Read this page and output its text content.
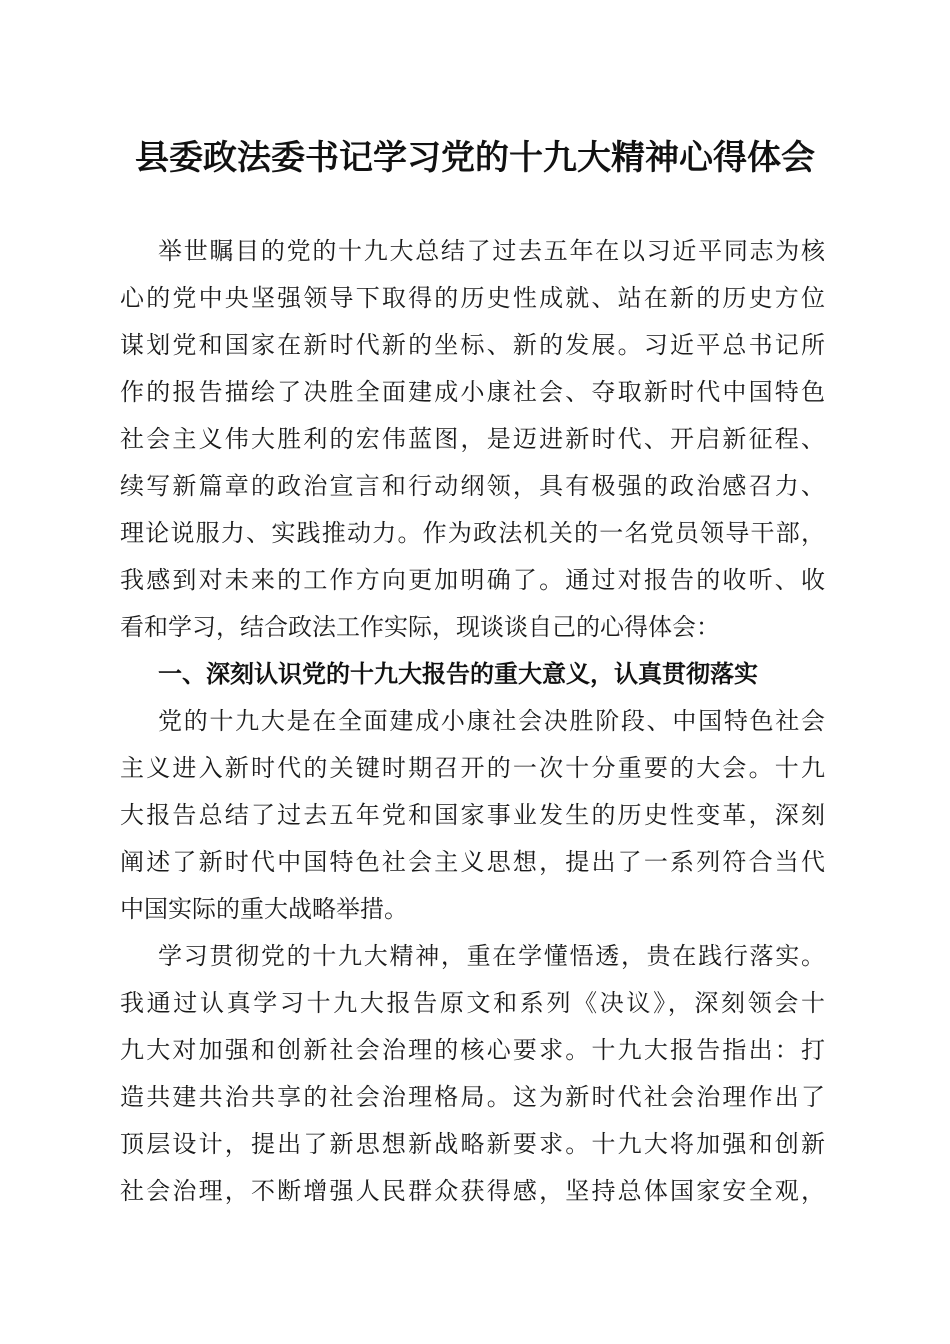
县委政法委书记学习党的十九大精神心得体会
举世瞩目的党的十九大总结了过去五年在以习近平同志为核
心的党中央坚强领导下取得的历史性成就、站在新的历史方位
谋划党和国家在新时代新的坐标、新的发展。习近平总书记所
作的报告描绘了决胜全面建成小康社会、夺取新时代中国特色
社会主义伟大胜利的宏伟蓝图，是迈进新时代、开启新征程、
续写新篇章的政治宣言和行动纲领，具有极强的政治感召力、
理论说服力、实践推动力。作为政法机关的一名党员领导干部，
我感到对未来的工作方向更加明确了。通过对报告的收听、收
看和学习，结合政法工作实际，现谈谈自己的心得体会：
一、深刻认识党的十九大报告的重大意义，认真贯彻落实
党的十九大是在全面建成小康社会决胜阶段、中国特色社会
主义进入新时代的关键时期召开的一次十分重要的大会。十九
大报告总结了过去五年党和国家事业发生的历史性变革，深刻
阐述了新时代中国特色社会主义思想，提出了一系列符合当代
中国实际的重大战略举措。
学习贯彻党的十九大精神，重在学懂悟透，贵在践行落实。
我通过认真学习十九大报告原文和系列《决议》，深刻领会十
九大对加强和创新社会治理的核心要求。十九大报告指出：打
造共建共治共享的社会治理格局。这为新时代社会治理作出了
顶层设计，提出了新思想新战略新要求。十九大将加强和创新
社会治理，不断增强人民群众获得感，坚持总体国家安全观，
